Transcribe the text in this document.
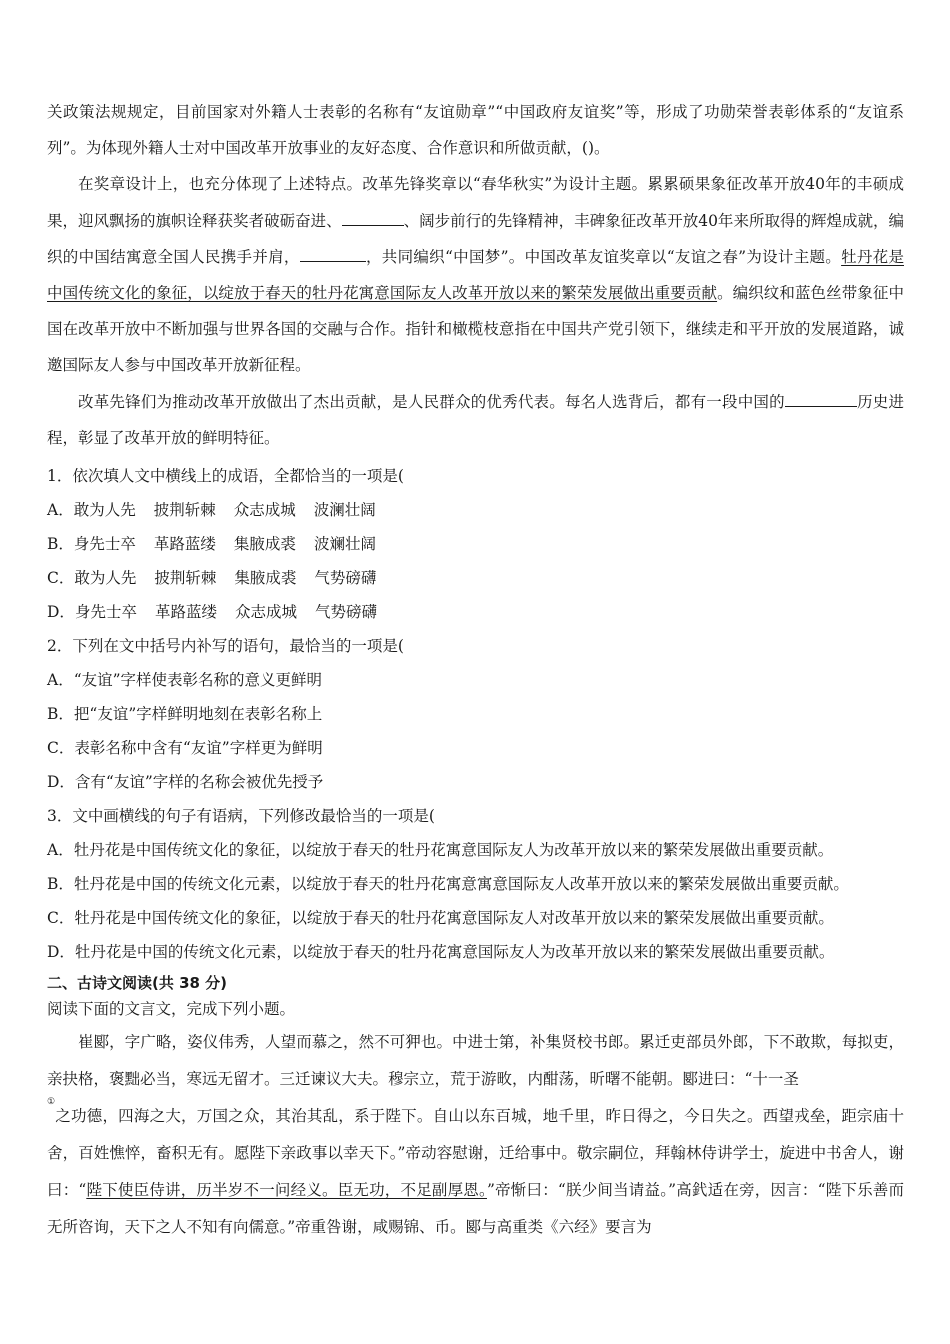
关政策法规规定，目前国家对外籍人士表彰的名称有“友谊勋章”“中国政府友谊奖”等，形成了功勋荣誉表彰体系的“友谊系列”。为体现外籍人士对中国改革开放事业的友好态度、合作意识和所做贡献，()。

在奖章设计上，也充分体现了上述特点。改革先锋奖章以“春华秋实”为设计主题。累累硕果象征改革开放40年的丰硕成果，迎风飘扬的旗帜诠释获奖者破砺奋进、	、阔步前行的先锋精神，丰碑象征改革开放40年来所取得的辉煌成就，编织的中国结寓意全国人民携手并肩，	，共同编织“中国梦”。中国改革友谊奖章以“友谊之春”为设计主题。牡丹花是中国传统文化的象征，以绽放于春天的牡丹花寓意国际友人改革开放以来的繁荣发展做出重要贡献。编织纹和蓝色丝带象征中国在改革开放中不断加强与世界各国的交融与合作。指针和橄榄枝意指在中国共产党引领下，继续走和平开放的发展道路，诚邀国际友人参与中国改革开放新征程。

改革先锋们为推动改革开放做出了杰出贡献，是人民群众的优秀代表。每名人选背后，都有一段中国的	历史进程，彰显了改革开放的鲜明特征。

1．依次填人文中横线上的成语，全都恰当的一项是(
A．敢为人先 披荆斩棘 众志成城 波澜壮阔
B．身先士卒 革路蓝缕 集腋成裘 波斓壮阔
C．敢为人先 披荆斩棘 集腋成裘 气势磅礴
D．身先士卒 革路蓝缕 众志成城 气势磅礴
2．下列在文中括号内补写的语句，最恰当的一项是(
A．“友谊”字样使表彰名称的意义更鲜明
B．把“友谊”字样鲜明地刻在表彰名称上
C．表彰名称中含有“友谊”字样更为鲜明
D．含有“友谊”字样的名称会被优先授予
3．文中画横线的句子有语病，下列修改最恰当的一项是(
A．牡丹花是中国传统文化的象征，以绽放于春天的牡丹花寓意国际友人为改革开放以来的繁荣发展做出重要贡献。
B．牡丹花是中国的传统文化元素，以绽放于春天的牡丹花寓意寓意国际友人改革开放以来的繁荣发展做出重要贡献。
C．牡丹花是中国传统文化的象征，以绽放于春天的牡丹花寓意国际友人对改革开放以来的繁荣发展做出重要贡献。
D．牡丹花是中国的传统文化元素，以绽放于春天的牡丹花寓意国际友人为改革开放以来的繁荣发展做出重要贡献。
二、古诗文阅读(共 38 分)
阅读下面的文言文，完成下列小题。

崔郾，字广略，姿仪伟秀，人望而慕之，然不可狎也。中进士第，补集贤校书郎。累迁吏部员外郎，下不敢欺，每拟吏，亲抉格，褒黜必当，寒远无留才。三迁谏议大夫。穆宗立，荒于游畋，内酣荡，昕曙不能朝。郾进曰：“十一圣
①之功德，四海之大，万国之众，其治其乱，系于陛下。自山以东百城，地千里，昨日得之，今日失之。西望戎垒，距宗庙十舍，百姓憔悴，畜积无有。愿陛下亲政事以幸天下。”帝动容慰谢，迁给事中。敬宗嗣位，拜翰林侍讲学士，旋进中书舍人，谢曰：“陛下使臣侍讲，历半岁不一问经义。臣无功，不足副厚恩。”帝惭曰：“朕少间当请益。”高釴适在旁，因言：“陛下乐善而无所咨询，天下之人不知有向儒意。”帝重咎谢，咸赐锦、币。郾与高重类《六经》要言为
